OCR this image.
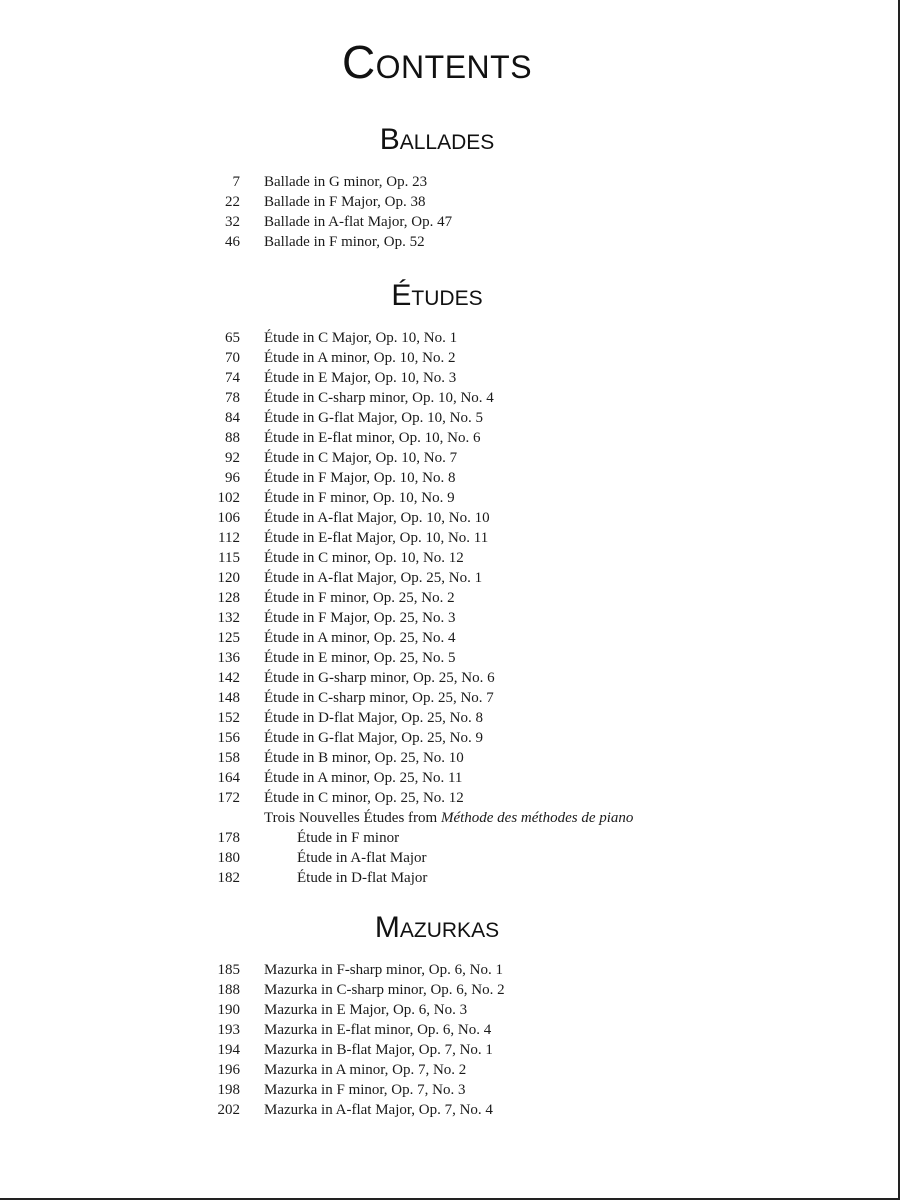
Contents
Ballades
7 Ballade in G minor, Op. 23
22 Ballade in F Major, Op. 38
32 Ballade in A-flat Major, Op. 47
46 Ballade in F minor, Op. 52
Études
65 Étude in C Major, Op. 10, No. 1
70 Étude in A minor, Op. 10, No. 2
74 Étude in E Major, Op. 10, No. 3
78 Étude in C-sharp minor, Op. 10, No. 4
84 Étude in G-flat Major, Op. 10, No. 5
88 Étude in E-flat minor, Op. 10, No. 6
92 Étude in C Major, Op. 10, No. 7
96 Étude in F Major, Op. 10, No. 8
102 Étude in F minor, Op. 10, No. 9
106 Étude in A-flat Major, Op. 10, No. 10
112 Étude in E-flat Major, Op. 10, No. 11
115 Étude in C minor, Op. 10, No. 12
120 Étude in A-flat Major, Op. 25, No. 1
128 Étude in F minor, Op. 25, No. 2
132 Étude in F Major, Op. 25, No. 3
125 Étude in A minor, Op. 25, No. 4
136 Étude in E minor, Op. 25, No. 5
142 Étude in G-sharp minor, Op. 25, No. 6
148 Étude in C-sharp minor, Op. 25, No. 7
152 Étude in D-flat Major, Op. 25, No. 8
156 Étude in G-flat Major, Op. 25, No. 9
158 Étude in B minor, Op. 25, No. 10
164 Étude in A minor, Op. 25, No. 11
172 Étude in C minor, Op. 25, No. 12
Trois Nouvelles Études from Méthode des méthodes de piano
178	Étude in F minor
180	Étude in A-flat Major
182	Étude in D-flat Major
Mazurkas
185 Mazurka in F-sharp minor, Op. 6, No. 1
188 Mazurka in C-sharp minor, Op. 6, No. 2
190 Mazurka in E Major, Op. 6, No. 3
193 Mazurka in E-flat minor, Op. 6, No. 4
194 Mazurka in B-flat Major, Op. 7, No. 1
196 Mazurka in A minor, Op. 7, No. 2
198 Mazurka in F minor, Op. 7, No. 3
202 Mazurka in A-flat Major, Op. 7, No. 4
